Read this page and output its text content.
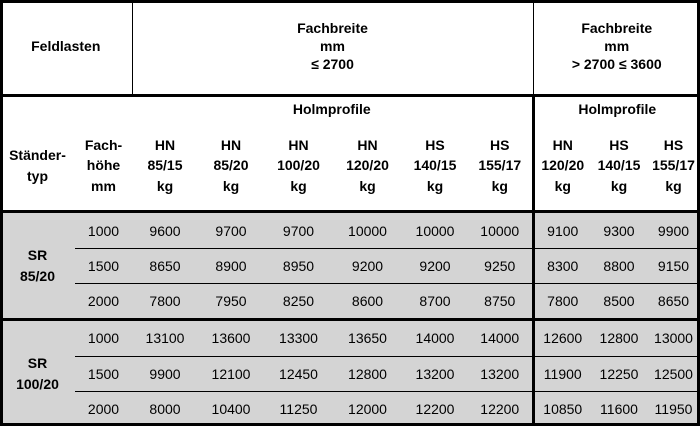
Feldlasten		Fachbreite
mm
≤ 2700						Fachbreite
mm
> 2700 ≤ 3600		

		Holmprofile						Holmprofile		

Ständer-
typ	Fach-
höhe
mm	HN
85/15
kg	HN
85/20
kg	HN
100/20
kg	HN
120/20
kg	HS
140/15
kg	HS
155/17
kg	HN
120/20
kg	HS
140/15
kg	HS
155/17
kg

SR
85/20	1000	9600	9700	9700	10000	10000	10000	9100	9300	9900
	1500	8650	8900	8950	9200	9200	9250	8300	8800	9150
	2000	7800	7950	8250	8600	8700	8750	7800	8500	8650

SR
100/20	1000	13100	13600	13300	13650	14000	14000	12600	12800	13000
	1500	9900	12100	12450	12800	13200	13200	11900	12250	12500
	2000	8000	10400	11250	12000	12200	12200	10850	11600	11950
